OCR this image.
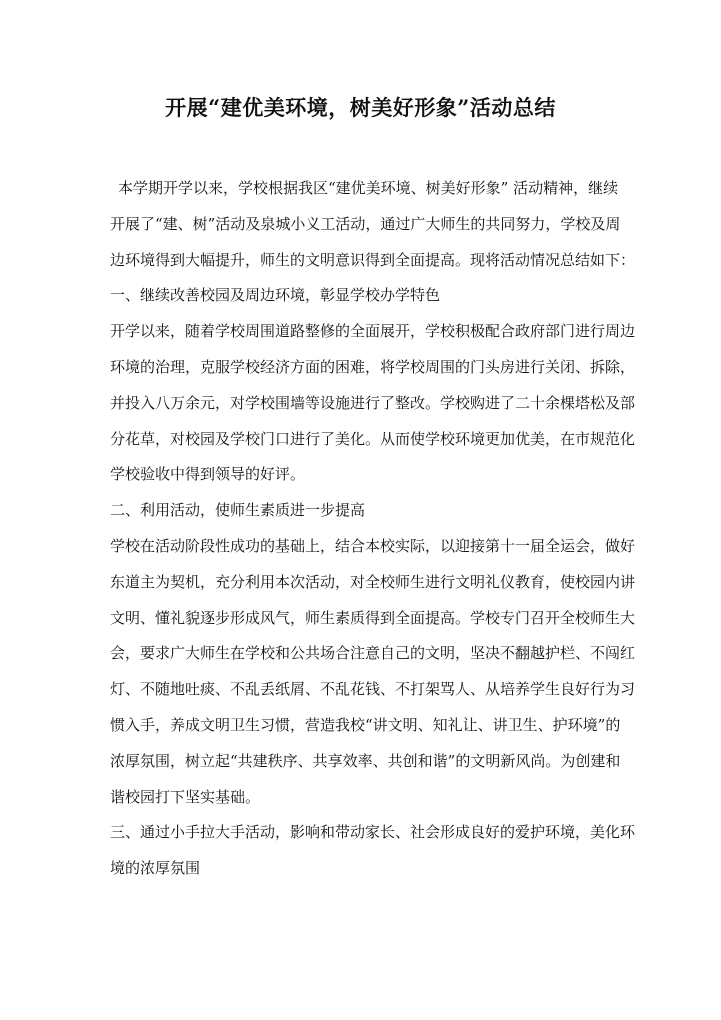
开展“建优美环境，树美好形象”活动总结
本学期开学以来，学校根据我区“建优美环境、树美好形象” 活动精神，继续
开展了“建、树”活动及泉城小义工活动，通过广大师生的共同努力，学校及周
边环境得到大幅提升，师生的文明意识得到全面提高。现将活动情况总结如下：
一、继续改善校园及周边环境，彰显学校办学特色
开学以来，随着学校周围道路整修的全面展开，学校积极配合政府部门进行周边
环境的治理，克服学校经济方面的困难，将学校周围的门头房进行关闭、拆除，
并投入八万余元，对学校围墙等设施进行了整改。学校购进了二十余棵塔松及部
分花草，对校园及学校门口进行了美化。从而使学校环境更加优美，在市规范化
学校验收中得到领导的好评。
二、利用活动，使师生素质进一步提高
学校在活动阶段性成功的基础上，结合本校实际，以迎接第十一届全运会，做好
东道主为契机，充分利用本次活动，对全校师生进行文明礼仪教育，使校园内讲
文明、懂礼貌逐步形成风气，师生素质得到全面提高。学校专门召开全校师生大
会，要求广大师生在学校和公共场合注意自己的文明，坚决不翻越护栏、不闯红
灯、不随地吐痰、不乱丢纸屑、不乱花钱、不打架骂人、从培养学生良好行为习
惯入手，养成文明卫生习惯，营造我校“讲文明、知礼让、讲卫生、护环境”的
浓厚氛围，树立起“共建秩序、共享效率、共创和谐”的文明新风尚。为创建和
谐校园打下坚实基础。
三、通过小手拉大手活动，影响和带动家长、社会形成良好的爱护环境，美化环
境的浓厚氛围
